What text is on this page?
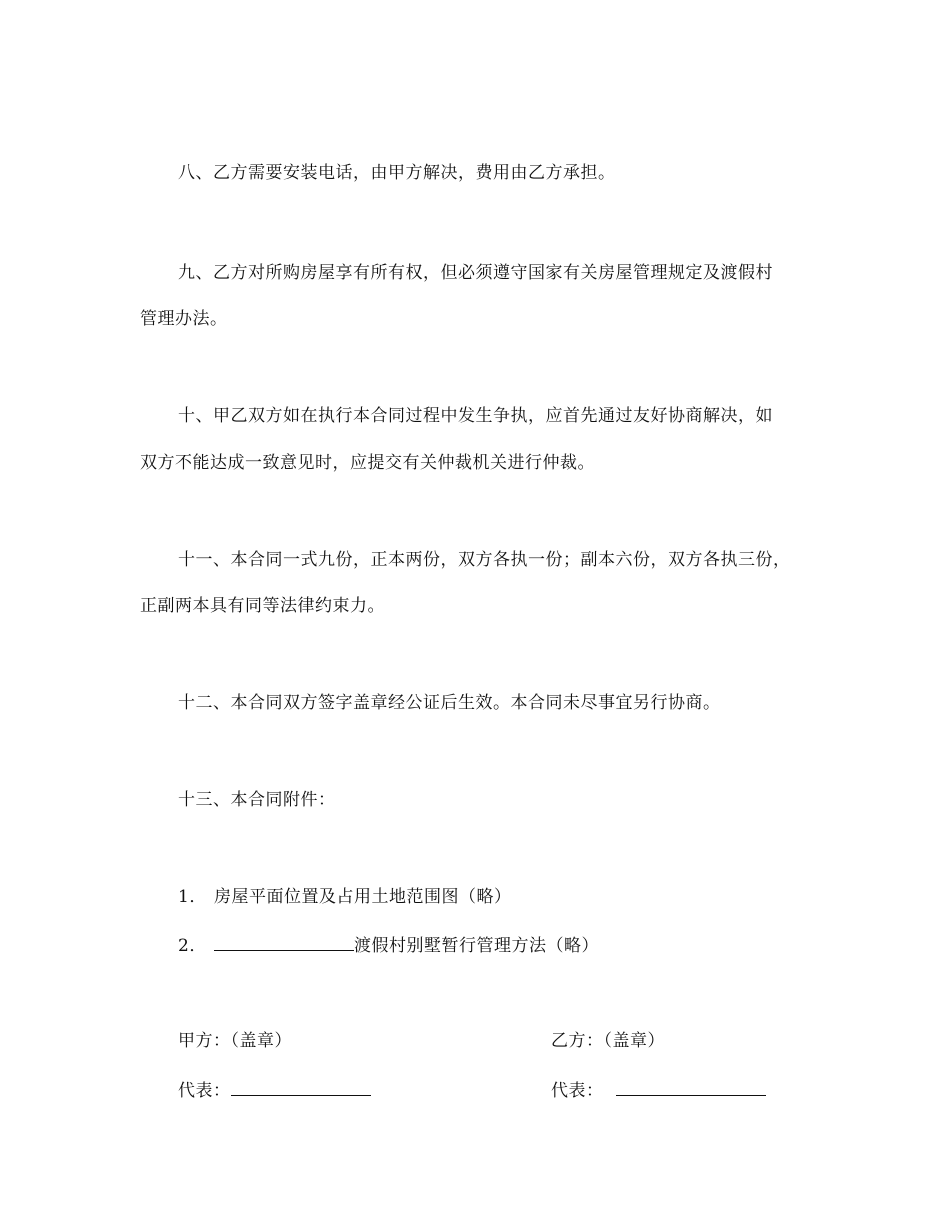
八、乙方需要安装电话，由甲方解决，费用由乙方承担。
九、乙方对所购房屋享有所有权，但必须遵守国家有关房屋管理规定及渡假村
管理办法。
十、甲乙双方如在执行本合同过程中发生争执，应首先通过友好协商解决，如
双方不能达成一致意见时，应提交有关仲裁机关进行仲裁。
十一、本合同一式九份，正本两份，双方各执一份；副本六份，双方各执三份，
正副两本具有同等法律约束力。
十二、本合同双方签字盖章经公证后生效。本合同未尽事宜另行协商。
十三、本合同附件：
1． 房屋平面位置及占用土地范围图（略）
2．	渡假村别墅暂行管理方法（略）
甲方：（盖章）	乙方：（盖章）
代表：	代表：
